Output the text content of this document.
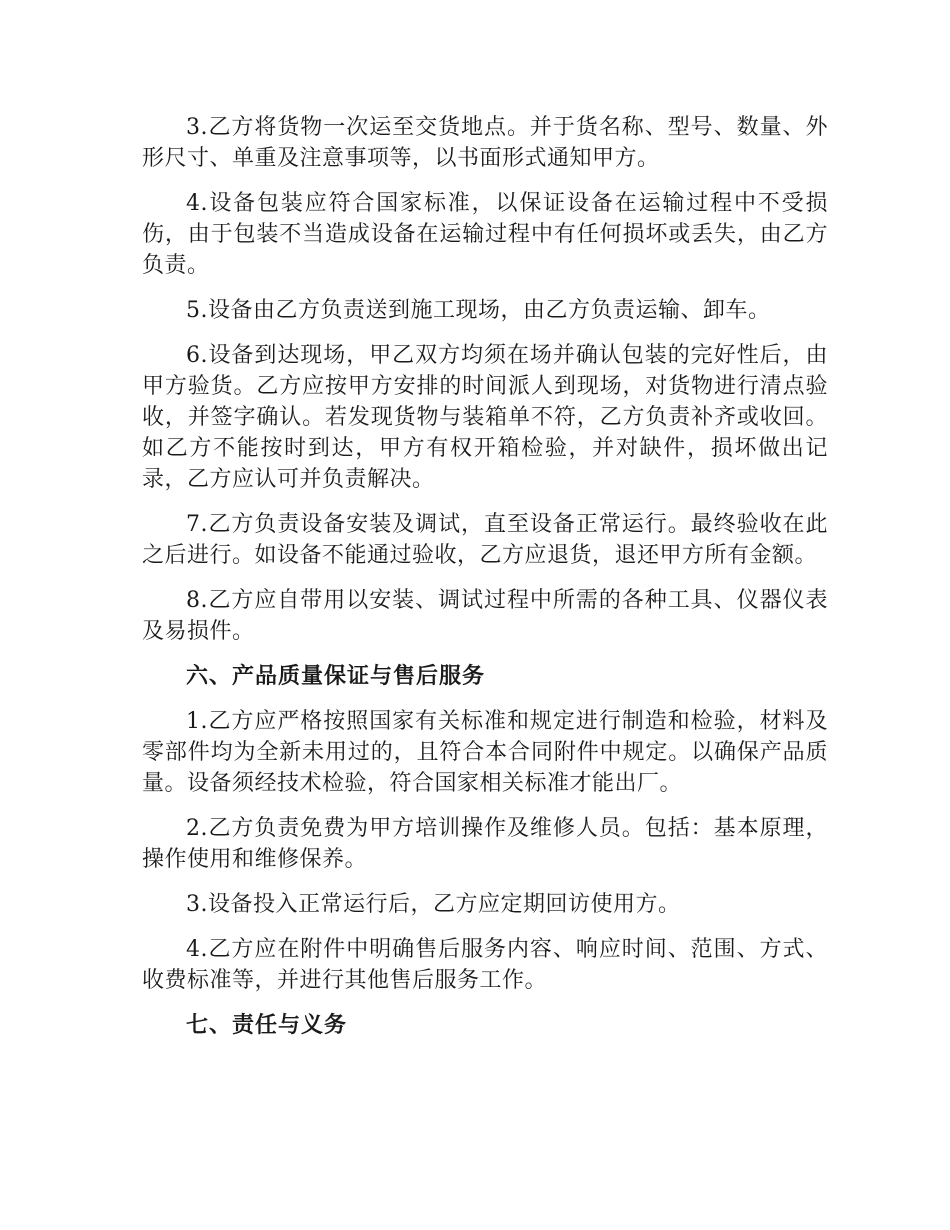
3.乙方将货物一次运至交货地点。并于货名称、型号、数量、外形尺寸、单重及注意事项等，以书面形式通知甲方。

4.设备包装应符合国家标准，以保证设备在运输过程中不受损伤，由于包装不当造成设备在运输过程中有任何损坏或丢失，由乙方负责。

5.设备由乙方负责送到施工现场，由乙方负责运输、卸车。

6.设备到达现场，甲乙双方均须在场并确认包装的完好性后，由甲方验货。乙方应按甲方安排的时间派人到现场，对货物进行清点验收，并签字确认。若发现货物与装箱单不符，乙方负责补齐或收回。如乙方不能按时到达，甲方有权开箱检验，并对缺件，损坏做出记录，乙方应认可并负责解决。

7.乙方负责设备安装及调试，直至设备正常运行。最终验收在此之后进行。如设备不能通过验收，乙方应退货，退还甲方所有金额。

8.乙方应自带用以安装、调试过程中所需的各种工具、仪器仪表及易损件。

六、产品质量保证与售后服务

1.乙方应严格按照国家有关标准和规定进行制造和检验，材料及零部件均为全新未用过的，且符合本合同附件中规定。以确保产品质量。设备须经技术检验，符合国家相关标准才能出厂。

2.乙方负责免费为甲方培训操作及维修人员。包括：基本原理，操作使用和维修保养。

3.设备投入正常运行后，乙方应定期回访使用方。

4.乙方应在附件中明确售后服务内容、响应时间、范围、方式、收费标准等，并进行其他售后服务工作。

七、责任与义务
